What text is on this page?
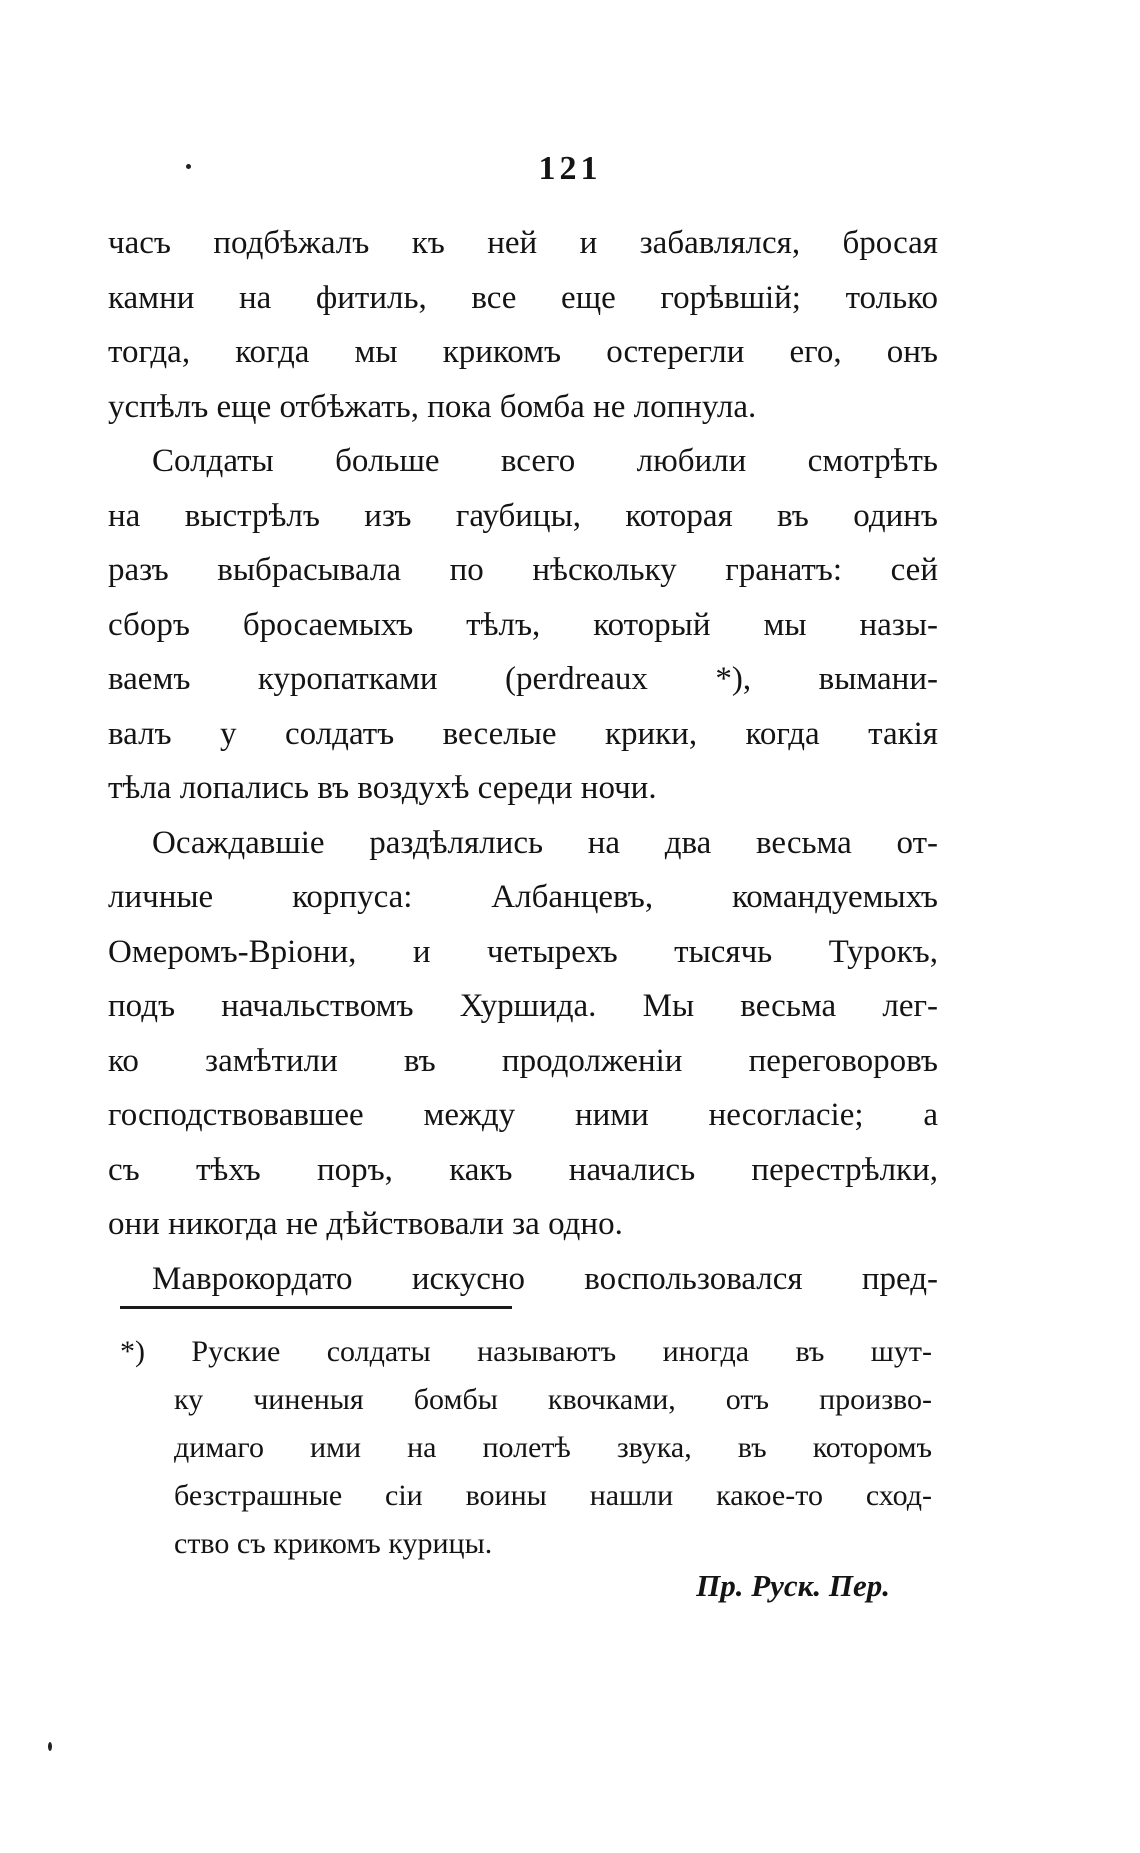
121
часъ подбѣжалъ къ ней и забавлялся, бросая
камни на фитиль, все еще горѣвшій; только
тогда, когда мы крикомъ остерегли его, онъ
успѣлъ еще отбѣжать, пока бомба не лопнула.
Солдаты больше всего любили смотрѣть
на выстрѣлъ изъ гаубицы, которая въ одинъ
разъ выбрасывала по нѣскольку гранатъ: сей
сборъ бросаемыхъ тѣлъ, который мы назы-
ваемъ куропатками (perdreaux *), вымани-
валъ у солдатъ веселые крики, когда такія
тѣла лопались въ воздухѣ середи ночи.
Осаждавшіе раздѣлялись на два весьма от-
личные корпуса: Албанцевъ, командуемыхъ
Омеромъ-Вріони, и четырехъ тысячь Турокъ,
подъ начальствомъ Хуршида. Мы весьма лег-
ко замѣтили въ продолженіи переговоровъ
господствовавшее между ними несогласіе; а
съ тѣхъ поръ, какъ начались перестрѣлки,
они никогда не дѣйствовали за одно.
Маврокордато искусно воспользовался пред-
*) Руские солдаты называютъ иногда въ шут-
ку чиненыя бомбы квочками, отъ произво-
димаго ими на полетѣ звука, въ которомъ
безстрашные сіи воины нашли какое-то сход-
ство съ крикомъ курицы.
Пр. Руск. Пер.
